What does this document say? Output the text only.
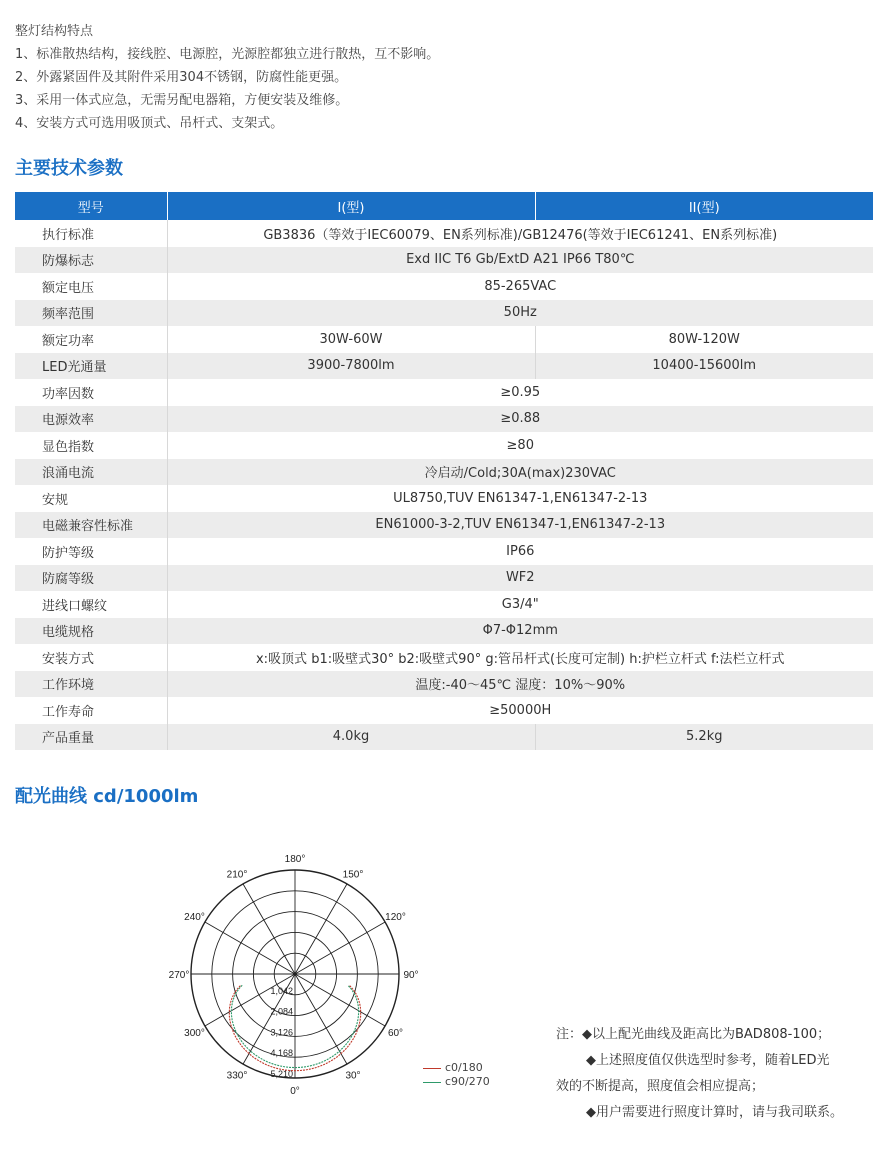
整灯结构特点
1、标准散热结构，接线腔、电源腔，光源腔都独立进行散热，互不影响。
2、外露紧固件及其附件采用304不锈钢，防腐性能更强。
3、采用一体式应急，无需另配电器箱，方便安装及维修。
4、安装方式可选用吸顶式、吊杆式、支架式。
主要技术参数
型号	I(型)	II(型)
执行标准	GB3836（等效于IEC60079、EN系列标准)/GB12476(等效于IEC61241、EN系列标准)	
防爆标志	Exd IIC T6 Gb/ExtD A21 IP66 T80℃	
额定电压	85-265VAC	
频率范围	50Hz	
额定功率	30W-60W	80W-120W
LED光通量	3900-7800lm	10400-15600lm
功率因数	≥0.95	
电源效率	≥0.88	
显色指数	≥80	
浪涌电流	冷启动/Cold;30A(max)230VAC	
安规	UL8750,TUV EN61347-1,EN61347-2-13	
电磁兼容性标准	EN61000-3-2,TUV EN61347-1,EN61347-2-13	
防护等级	IP66	
防腐等级	WF2	
进线口螺纹	G3/4"	
电缆规格	Φ7-Φ12mm	
安装方式	x:吸顶式 b1:吸壁式30° b2:吸壁式90° g:管吊杆式(长度可定制) h:护栏立杆式 f:法栏立杆式	
工作环境	温度:-40～45℃ 湿度：10%～90%	
工作寿命	≥50000H	
产品重量	4.0kg	5.2kg
配光曲线 cd/1000lm
180°
150°
120°
90°
60°
30°
0°
330°
300°
270°
240°
210°
1,042
2,084
3,126
4,168
5,210	c0/180
c90/270
注：◆以上配光曲线及距高比为BAD808-100；
◆上述照度值仅供选型时参考，随着LED光
效的不断提高，照度值会相应提高；
◆用户需要进行照度计算时，请与我司联系。
